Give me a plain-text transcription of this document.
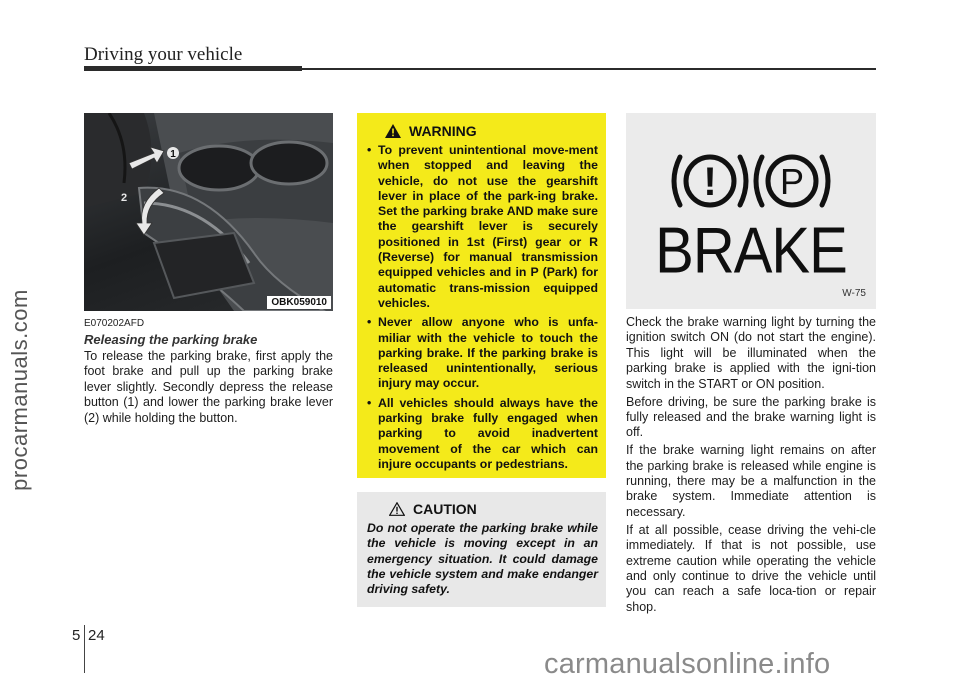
Driving your vehicle
procarmanuals.com
1
2
OBK059010
E070202AFD
Releasing the parking brake
To release the parking brake, first apply the foot brake and pull up the parking brake lever slightly. Secondly depress the release button (1) and lower the parking brake lever (2) while holding the button.
WARNING
• To prevent unintentional move-ment when stopped and leaving the vehicle, do not use the gearshift lever in place of the park-ing brake. Set the parking brake AND make sure the gearshift lever is securely positioned in 1st (First) gear or R (Reverse) for manual transmission equipped vehicles and in P (Park) for automatic trans-mission equipped vehicles.
• Never allow anyone who is unfa-miliar with the vehicle to touch the parking brake. If the parking brake is released unintentionally, serious injury may occur.
• All vehicles should always have the parking brake fully engaged when parking to avoid inadvertent movement of the car which can injure occupants or pedestrians.
CAUTION
Do not operate the parking brake while the vehicle is moving except in an emergency situation. It could damage the vehicle system and make endanger driving safety.
! P
BRAKE
W-75

Check the brake warning light by turning the ignition switch ON (do not start the engine). This light will be illuminated when the parking brake is applied with the igni-tion switch in the START or ON position.

Before driving, be sure the parking brake is fully released and the brake warning light is off.

If the brake warning light remains on after the parking brake is released while engine is running, there may be a malfunction in the brake system. Immediate attention is necessary.

If at all possible, cease driving the vehi-cle immediately. If that is not possible, use extreme caution while operating the vehicle and only continue to drive the vehicle until you can reach a safe loca-tion or repair shop.

5 24
carmanualsonline.info
